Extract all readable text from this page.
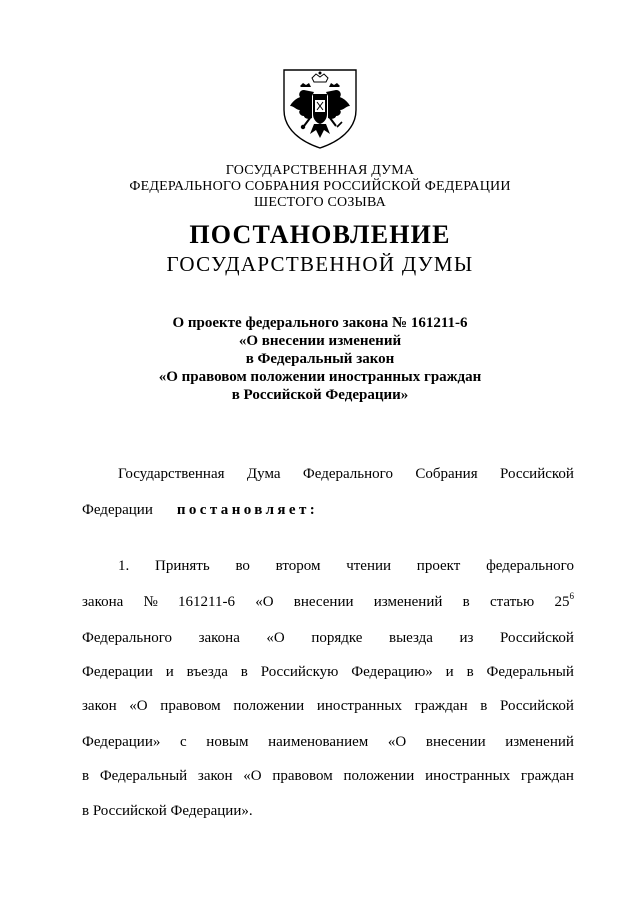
ГОСУДАРСТВЕННАЯ ДУМА
ФЕДЕРАЛЬНОГО СОБРАНИЯ РОССИЙСКОЙ ФЕДЕРАЦИИ
ШЕСТОГО СОЗЫВА
ПОСТАНОВЛЕНИЕ
ГОСУДАРСТВЕННОЙ ДУМЫ
О проекте федерального закона № 161211-6
«О внесении изменений
в Федеральный закон
«О правовом положении иностранных граждан
в Российской Федерации»
Государственная Дума Федерального Собрания Российской
Федерации постановляет:
1. Принять во втором чтении проект федерального
закона № 161211-6 «О внесении изменений в статью $25^6$
Федерального закона «О порядке выезда из Российской
Федерации и въезда в Российскую Федерацию» и в Федеральный
закон «О правовом положении иностранных граждан в Российской
Федерации» с новым наименованием «О внесении изменений
в Федеральный закон «О правовом положении иностранных граждан
в Российской Федерации».
